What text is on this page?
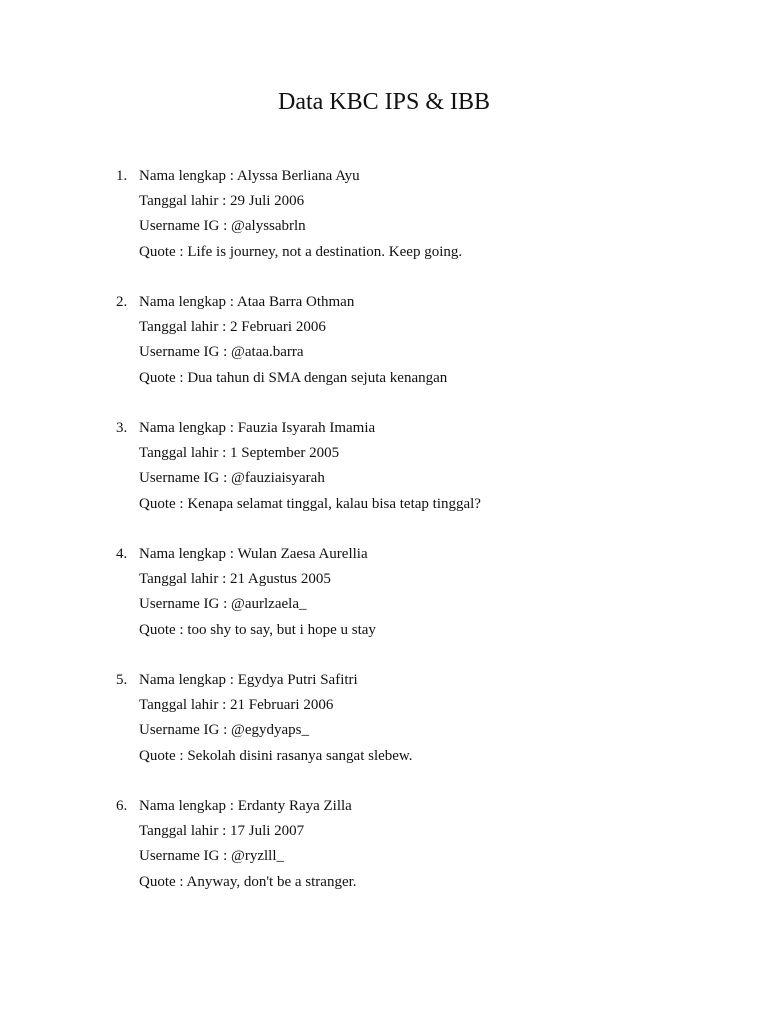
Data KBC IPS & IBB
1. Nama lengkap : Alyssa Berliana Ayu
Tanggal lahir : 29 Juli 2006
Username IG : @alyssabrln
Quote : Life is journey, not a destination. Keep going.
2. Nama lengkap : Ataa Barra Othman
Tanggal lahir : 2 Februari 2006
Username IG : @ataa.barra
Quote : Dua tahun di SMA dengan sejuta kenangan
3. Nama lengkap : Fauzia Isyarah Imamia
Tanggal lahir : 1 September 2005
Username IG : @fauziaisyarah
Quote : Kenapa selamat tinggal, kalau bisa tetap tinggal?
4. Nama lengkap : Wulan Zaesa Aurellia
Tanggal lahir : 21 Agustus 2005
Username IG : @aurlzaela_
Quote : too shy to say, but i hope u stay
5. Nama lengkap : Egydya Putri Safitri
Tanggal lahir : 21 Februari 2006
Username IG : @egydyaps_
Quote : Sekolah disini rasanya sangat slebew.
6. Nama lengkap : Erdanty Raya Zilla
Tanggal lahir : 17 Juli 2007
Username IG : @ryzlll_
Quote : Anyway, don't be a stranger.
